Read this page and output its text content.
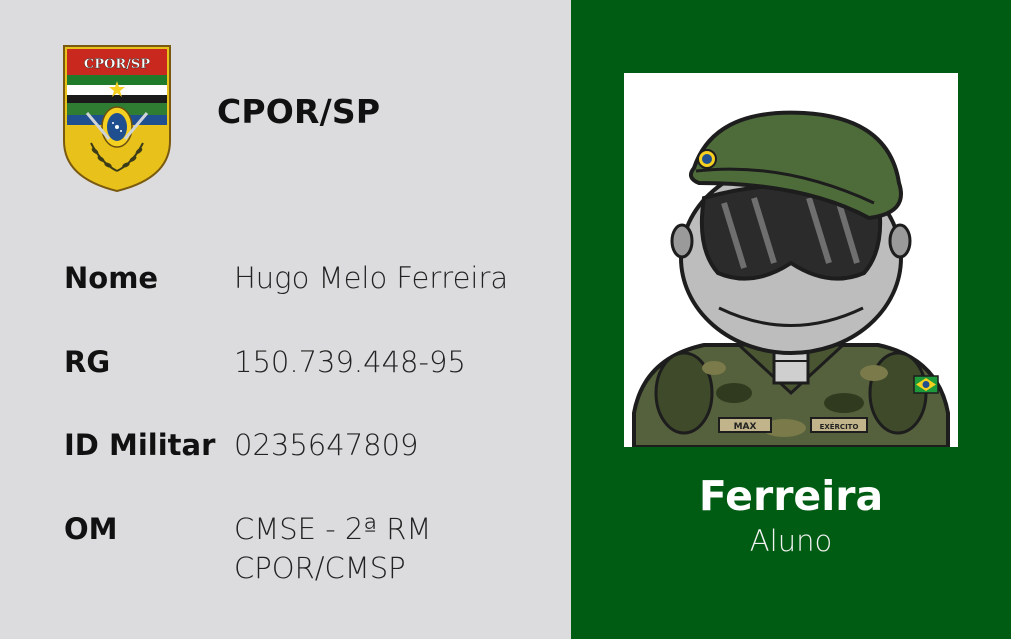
CPOR/SP
CPOR/SP
Nome	Hugo Melo Ferreira
RG	150.739.448-95
ID Militar 0235647809
OM	CMSE - 2ª RM
CPOR/CMSP
MAX	EXÉRCITO
Ferreira
Aluno
